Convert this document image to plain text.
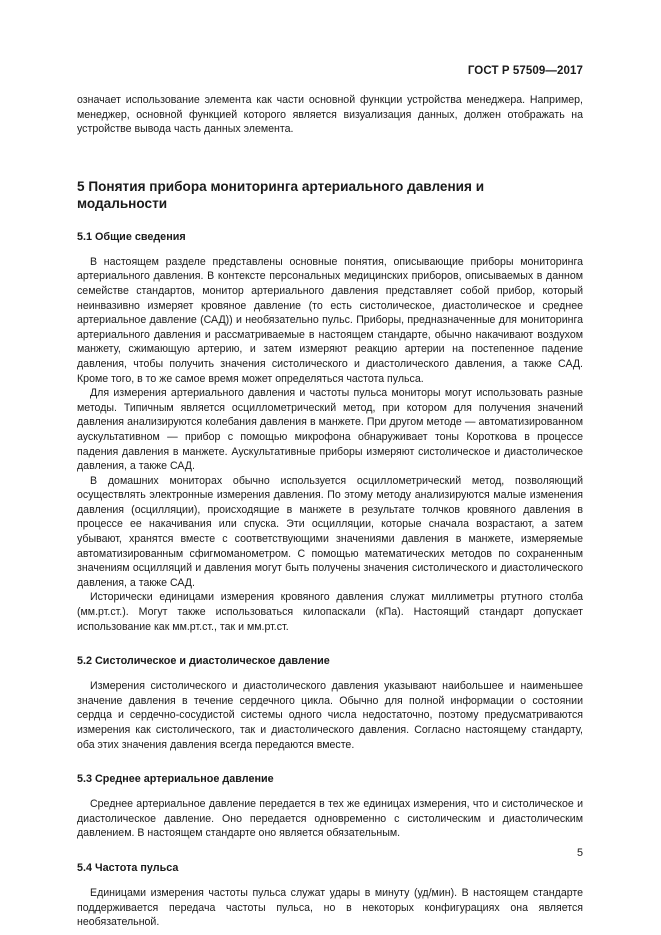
ГОСТ Р 57509—2017

означает использование элемента как части основной функции устройства менеджера. Например, менеджер, основной функцией которого является визуализация данных, должен отображать на устройстве вывода часть данных элемента.

5 Понятия прибора мониторинга артериального давления и модальности
5.1 Общие сведения

В настоящем разделе представлены основные понятия, описывающие приборы мониторинга артериального давления. В контексте персональных медицинских приборов, описываемых в данном семействе стандартов, монитор артериального давления представляет собой прибор, который неинвазивно измеряет кровяное давление (то есть систолическое, диастолическое и среднее артериальное давление (САД)) и необязательно пульс. Приборы, предназначенные для мониторинга артериального давления и рассматриваемые в настоящем стандарте, обычно накачивают воздухом манжету, сжимающую артерию, и затем измеряют реакцию артерии на постепенное падение давления, чтобы получить значения систолического и диастолического давления, а также САД. Кроме того, в то же самое время может определяться частота пульса.

Для измерения артериального давления и частоты пульса мониторы могут использовать разные методы. Типичным является осциллометрический метод, при котором для получения значений давления анализируются колебания давления в манжете. При другом методе — автоматизированном аускультативном — прибор с помощью микрофона обнаруживает тоны Короткова в процессе падения давления в манжете. Аускультативные приборы измеряют систолическое и диастолическое давления, а также САД.

В домашних мониторах обычно используется осциллометрический метод, позволяющий осуществлять электронные измерения давления. По этому методу анализируются малые изменения давления (осцилляции), происходящие в манжете в результате толчков кровяного давления в процессе ее накачивания или спуска. Эти осцилляции, которые сначала возрастают, а затем убывают, хранятся вместе с соответствующими значениями давления в манжете, измеряемые автоматизированным сфигмоманометром. С помощью математических методов по сохраненным значениям осцилляций и давления могут быть получены значения систолического и диастолического давления, а также САД.

Исторически единицами измерения кровяного давления служат миллиметры ртутного столба (мм.рт.ст.). Могут также использоваться килопаскали (кПа). Настоящий стандарт допускает использование как мм.рт.ст., так и мм.рт.ст.

5.2 Систолическое и диастолическое давление

Измерения систолического и диастолического давления указывают наибольшее и наименьшее значение давления в течение сердечного цикла. Обычно для полной информации о состоянии сердца и сердечно-сосудистой системы одного числа недостаточно, поэтому предусматриваются измерения как систолического, так и диастолического давления. Согласно настоящему стандарту, оба этих значения давления всегда передаются вместе.

5.3 Среднее артериальное давление

Среднее артериальное давление передается в тех же единицах измерения, что и систолическое и диастолическое давление. Оно передается одновременно с систолическим и диастолическим давлением. В настоящем стандарте оно является обязательным.

5.4 Частота пульса

Единицами измерения частоты пульса служат удары в минуту (уд/мин). В настоящем стандарте поддерживается передача частоты пульса, но в некоторых конфигурациях она является необязательной.

5
